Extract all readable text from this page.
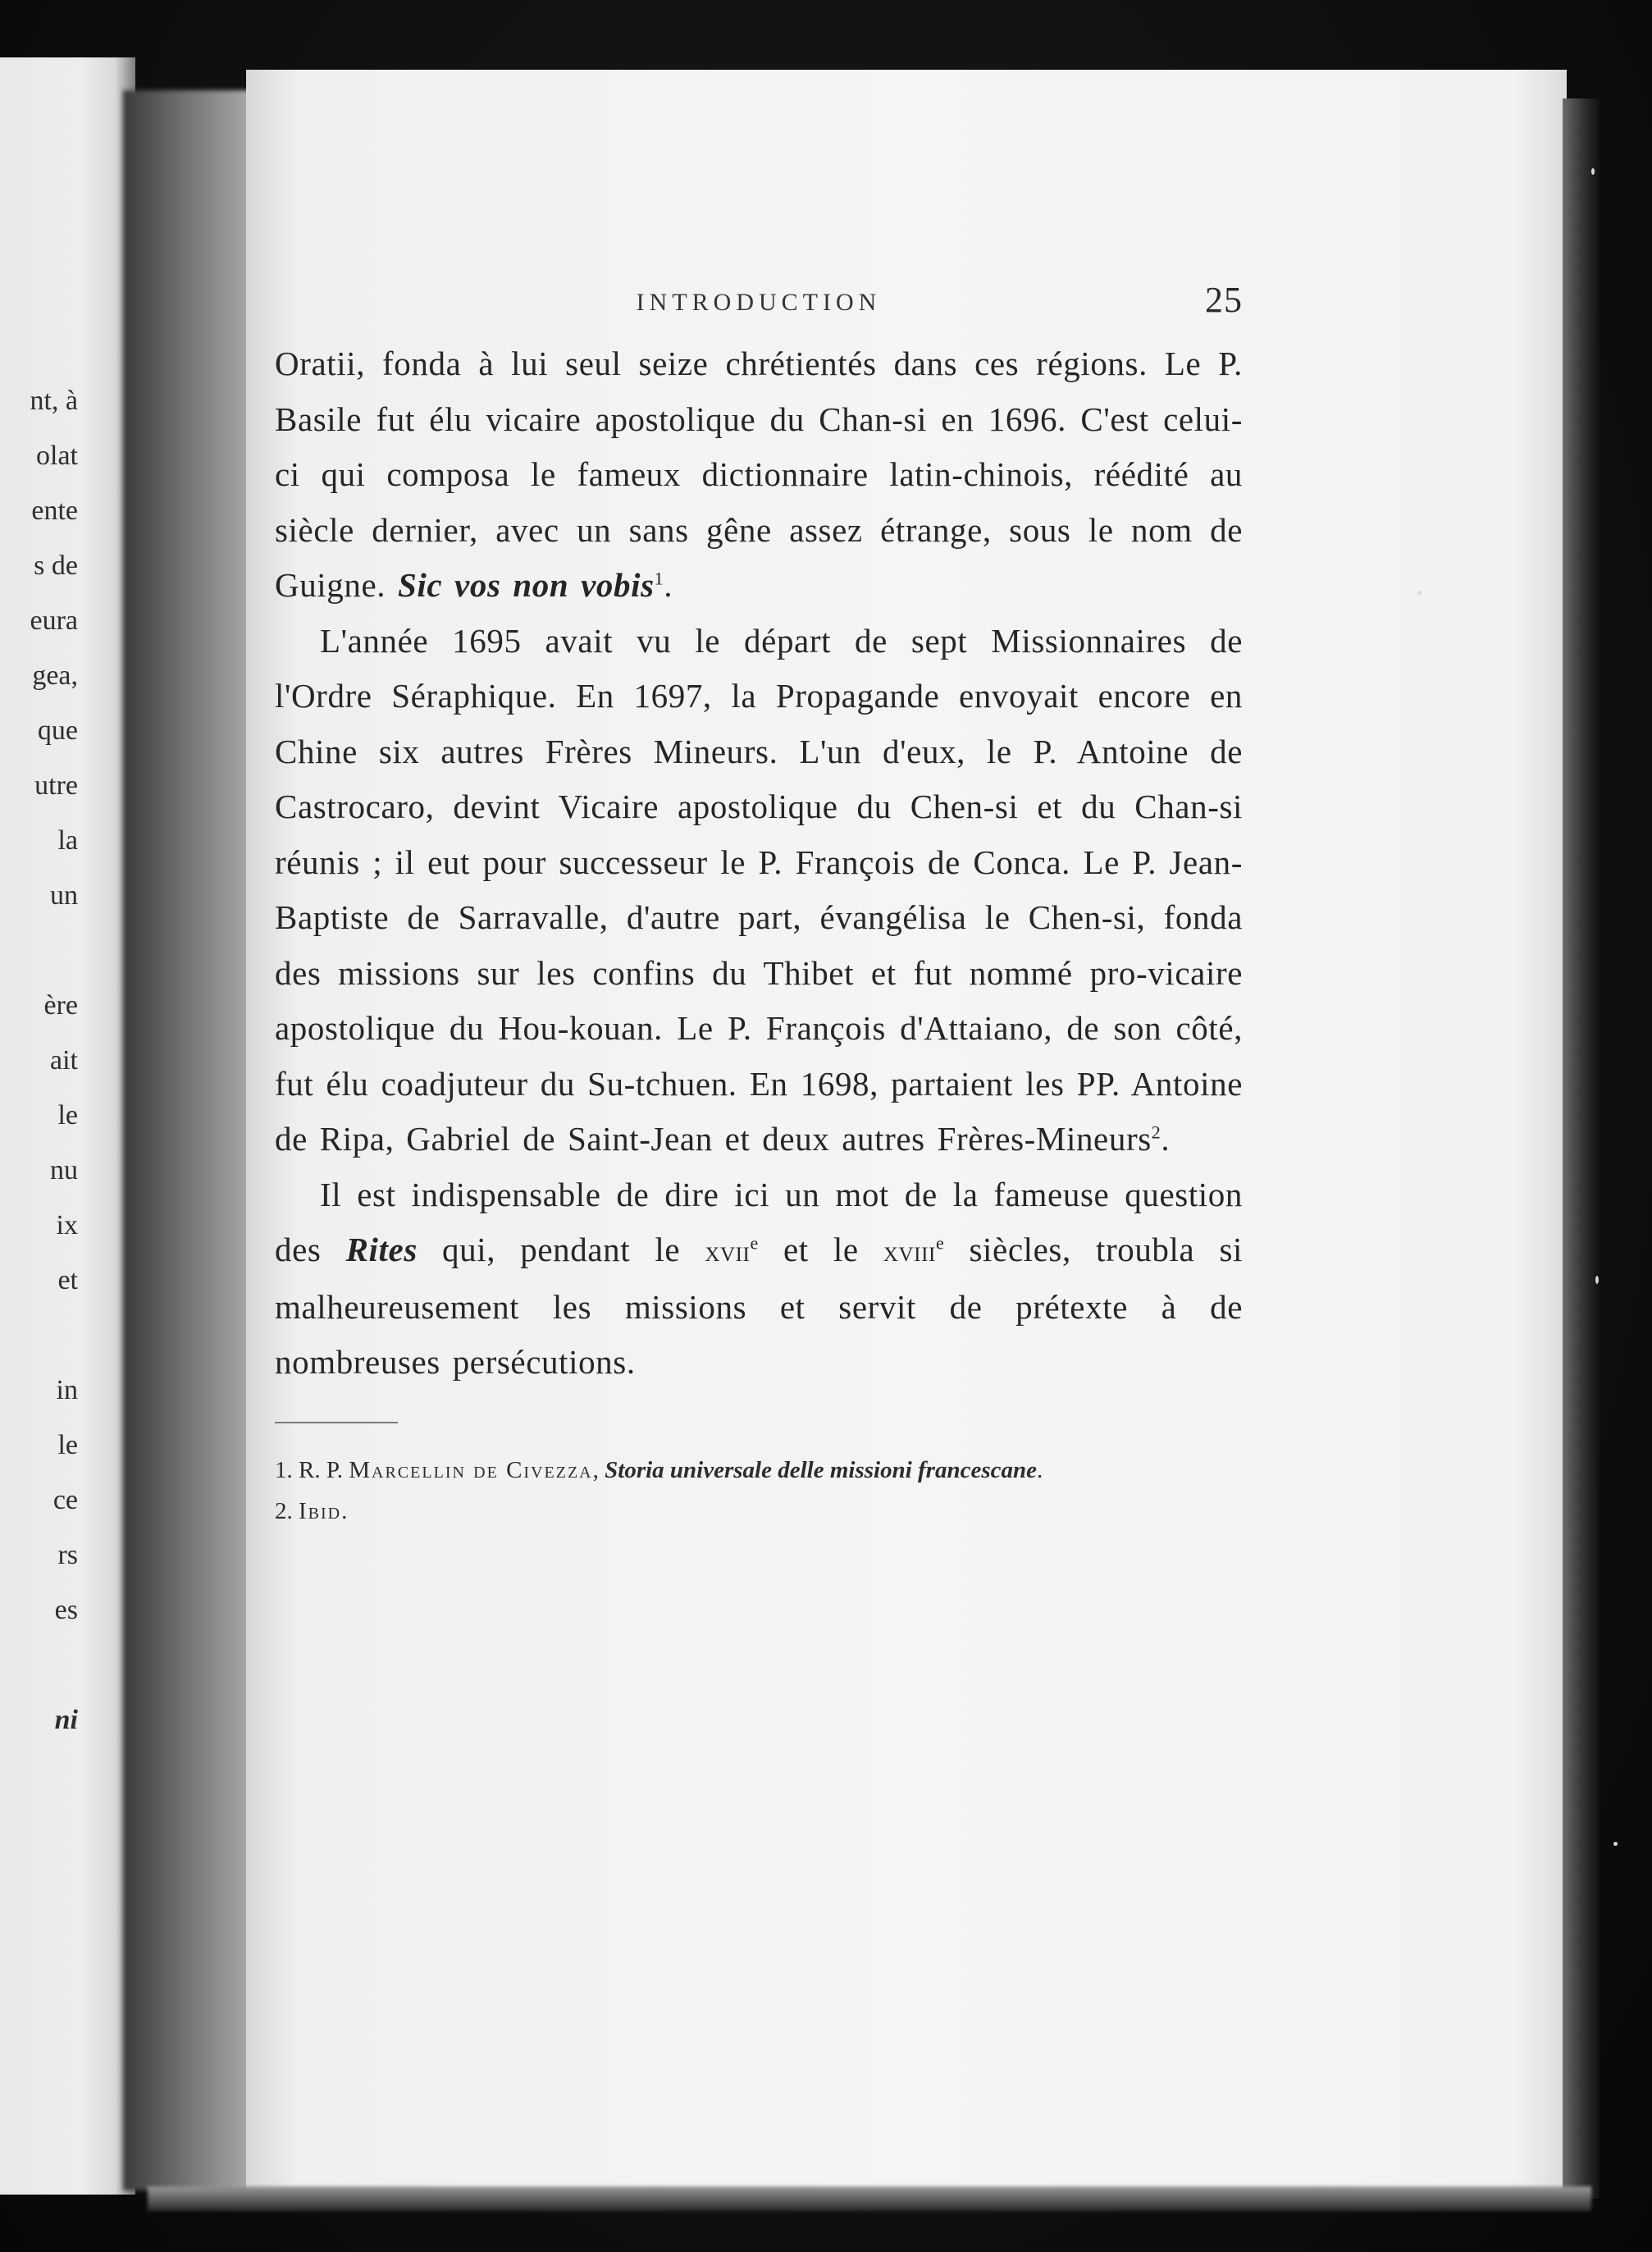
nt, à
olat
ente
s de
eura
gea,
que
utre
la
un
ère
ait
le
nu
ix
et
in
le
ce
rs
es
ni
INTRODUCTION	25

Oratii, fonda à lui seul seize chrétientés dans ces régions. Le P. Basile fut élu vicaire apostolique du Chan-si en 1696. C'est celui-ci qui composa le fameux dictionnaire latin-chinois, réédité au siècle dernier, avec un sans gêne assez étrange, sous le nom de Guigne. Sic vos non vobis$^1$.

L'année 1695 avait vu le départ de sept Missionnaires de l'Ordre Séraphique. En 1697, la Propagande envoyait encore en Chine six autres Frères Mineurs. L'un d'eux, le P. Antoine de Castrocaro, devint Vicaire apostolique du Chen-si et du Chan-si réunis ; il eut pour successeur le P. François de Conca. Le P. Jean-Baptiste de Sarravalle, d'autre part, évangélisa le Chen-si, fonda des missions sur les confins du Thibet et fut nommé pro-vicaire apostolique du Hou-kouan. Le P. François d'Attaiano, de son côté, fut élu coadjuteur du Su-tchuen. En 1698, partaient les PP. Antoine de Ripa, Gabriel de Saint-Jean et deux autres Frères-Mineurs$^2$.

Il est indispensable de dire ici un mot de la fameuse question des Rites qui, pendant le xvii$^e$ et le xviii$^e$ siècles, troubla si malheureusement les missions et servit de prétexte à de nombreuses persécutions.

1. R. P. Marcellin de Civezza, Storia universale delle missioni francescane.

2. Ibid.
